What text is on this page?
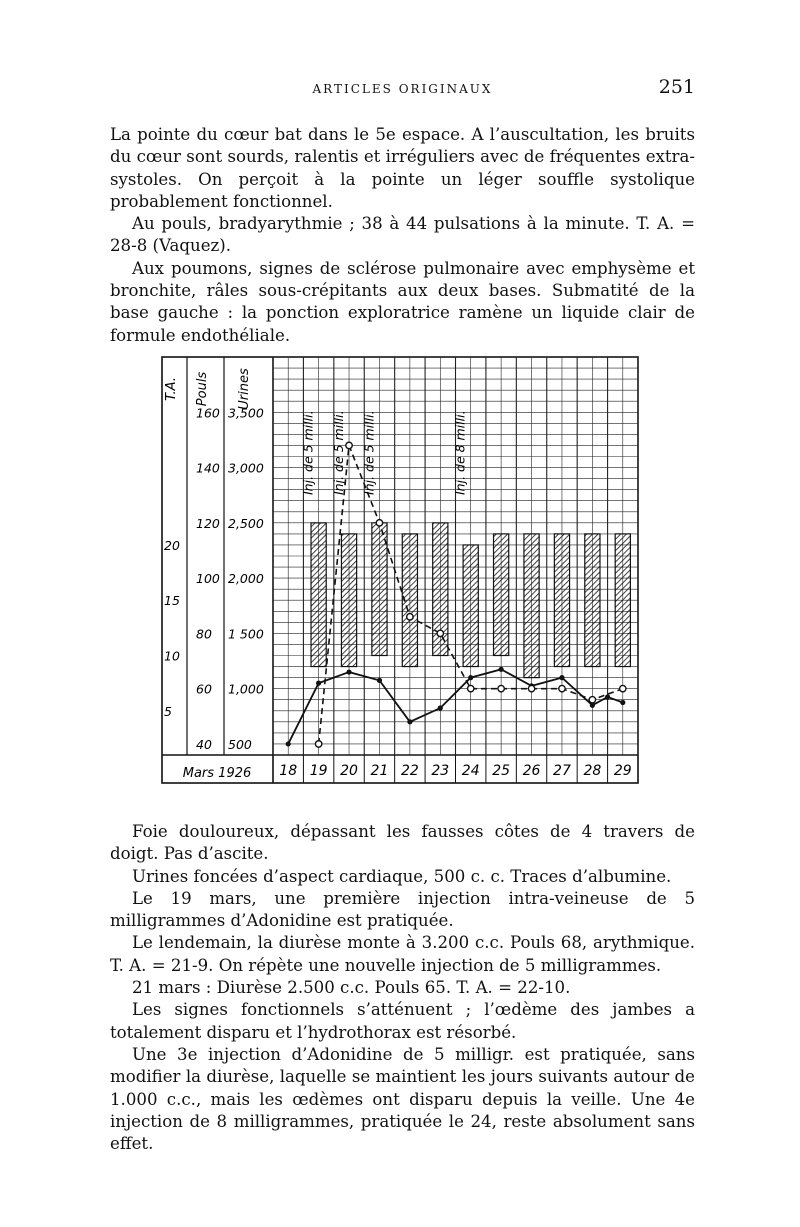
ARTICLES ORIGINAUX	251

La pointe du cœur bat dans le 5e espace. A l’auscultation, les bruits du cœur sont sourds, ralentis et irréguliers avec de fréquentes extra-systoles. On perçoit à la pointe un léger souffle systolique probablement fonctionnel.

Au pouls, bradyarythmie ; 38 à 44 pulsations à la minute. T. A. = 28-8 (Vaquez).

Aux poumons, signes de sclérose pulmonaire avec emphysème et bronchite, râles sous-crépitants aux deux bases. Submatité de la base gauche : la ponction exploratrice ramène un liquide clair de formule endothéliale.

T.A. Pouls Urines
160
140
120
100
80
60
40
3,500
3,000
2,500
2,000
1 500
1,000
500
20
15
10
5
Mars 1926 18 19 20 21 22 23 24 25 26 27 28 29
Inj. de 5 milli. Inj. de 5 milli. Inj. de 5 milli.	Inj. de 8 milli.

Foie douloureux, dépassant les fausses côtes de 4 travers de doigt. Pas d’ascite.

Urines foncées d’aspect cardiaque, 500 c. c. Traces d’albumine.

Le 19 mars, une première injection intra-veineuse de 5 milligrammes d’Adonidine est pratiquée.

Le lendemain, la diurèse monte à 3.200 c.c. Pouls 68, arythmique. T. A. = 21-9. On répète une nouvelle injection de 5 milligrammes.

21 mars : Diurèse 2.500 c.c. Pouls 65. T. A. = 22-10.

Les signes fonctionnels s’atténuent ; l’œdème des jambes a totalement disparu et l’hydrothorax est résorbé.

Une 3e injection d’Adonidine de 5 milligr. est pratiquée, sans modifier la diurèse, laquelle se maintient les jours suivants autour de 1.000 c.c., mais les œdèmes ont disparu depuis la veille. Une 4e injection de 8 milligrammes, pratiquée le 24, reste absolument sans effet.
